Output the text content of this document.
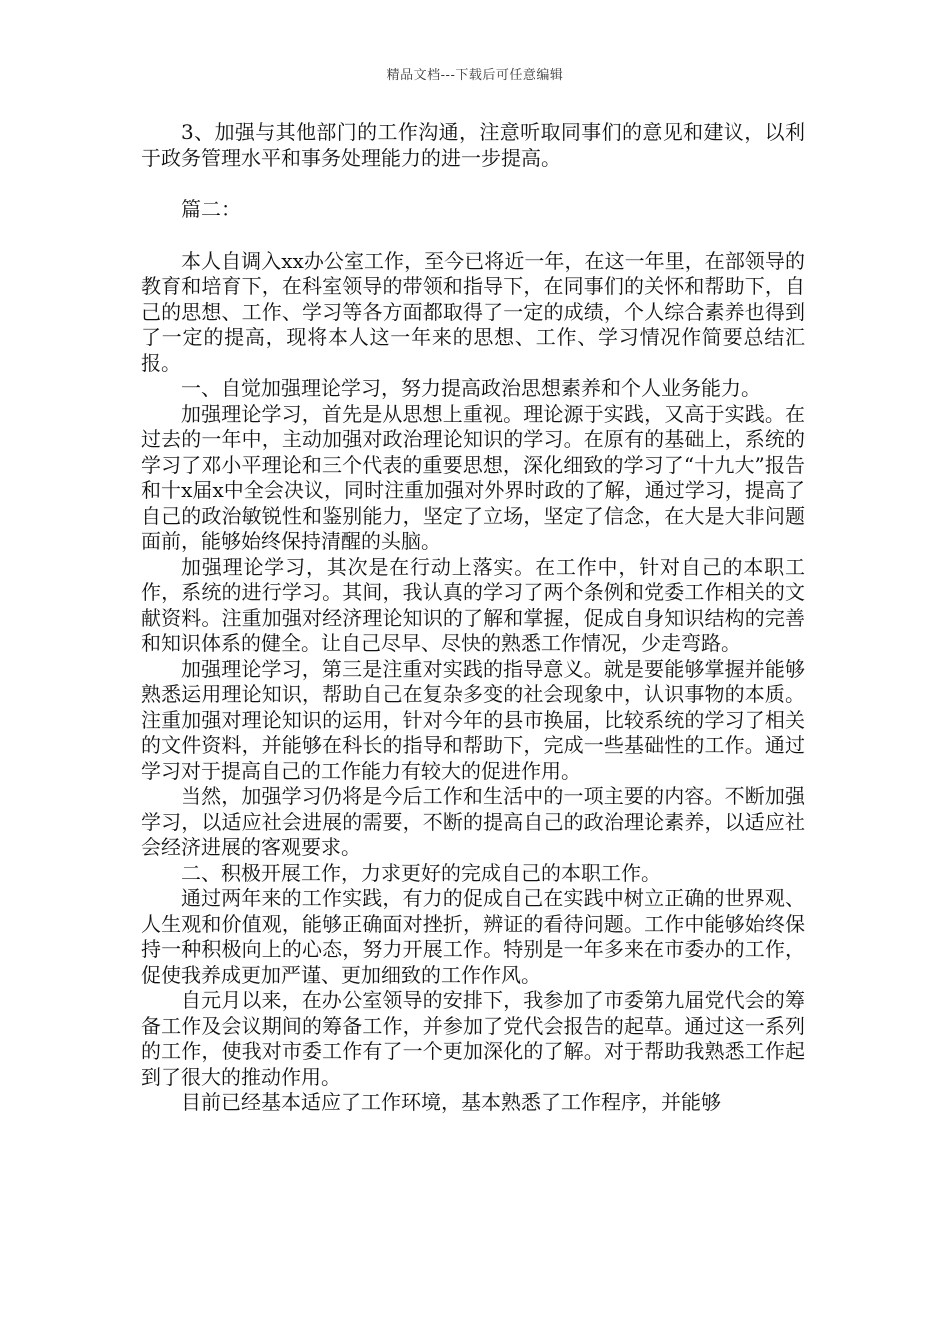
精品文档---下载后可任意编辑

3、加强与其他部门的工作沟通，注意听取同事们的意见和建议，以利于政务管理水平和事务处理能力的进一步提高。

篇二：

本人自调入xx办公室工作，至今已将近一年，在这一年里，在部领导的教育和培育下，在科室领导的带领和指导下，在同事们的关怀和帮助下，自己的思想、工作、学习等各方面都取得了一定的成绩，个人综合素养也得到了一定的提高，现将本人这一年来的思想、工作、学习情况作简要总结汇报。

一、自觉加强理论学习，努力提高政治思想素养和个人业务能力。

加强理论学习，首先是从思想上重视。理论源于实践，又高于实践。在过去的一年中，主动加强对政治理论知识的学习。在原有的基础上，系统的学习了邓小平理论和三个代表的重要思想，深化细致的学习了“十九大”报告和十x届x中全会决议，同时注重加强对外界时政的了解，通过学习，提高了自己的政治敏锐性和鉴别能力，坚定了立场，坚定了信念，在大是大非问题面前，能够始终保持清醒的头脑。

加强理论学习，其次是在行动上落实。在工作中，针对自己的本职工作，系统的进行学习。其间，我认真的学习了两个条例和党委工作相关的文献资料。注重加强对经济理论知识的了解和掌握，促成自身知识结构的完善和知识体系的健全。让自己尽早、尽快的熟悉工作情况，少走弯路。

加强理论学习，第三是注重对实践的指导意义。就是要能够掌握并能够熟悉运用理论知识，帮助自己在复杂多变的社会现象中，认识事物的本质。注重加强对理论知识的运用，针对今年的县市换届，比较系统的学习了相关的文件资料，并能够在科长的指导和帮助下，完成一些基础性的工作。通过学习对于提高自己的工作能力有较大的促进作用。

当然，加强学习仍将是今后工作和生活中的一项主要的内容。不断加强学习，以适应社会进展的需要，不断的提高自己的政治理论素养，以适应社会经济进展的客观要求。

二、积极开展工作，力求更好的完成自己的本职工作。

通过两年来的工作实践，有力的促成自己在实践中树立正确的世界观、人生观和价值观，能够正确面对挫折，辨证的看待问题。工作中能够始终保持一种积极向上的心态，努力开展工作。特别是一年多来在市委办的工作，促使我养成更加严谨、更加细致的工作作风。

自元月以来，在办公室领导的安排下，我参加了市委第九届党代会的筹备工作及会议期间的筹备工作，并参加了党代会报告的起草。通过这一系列的工作，使我对市委工作有了一个更加深化的了解。对于帮助我熟悉工作起到了很大的推动作用。

目前已经基本适应了工作环境，基本熟悉了工作程序，并能够
